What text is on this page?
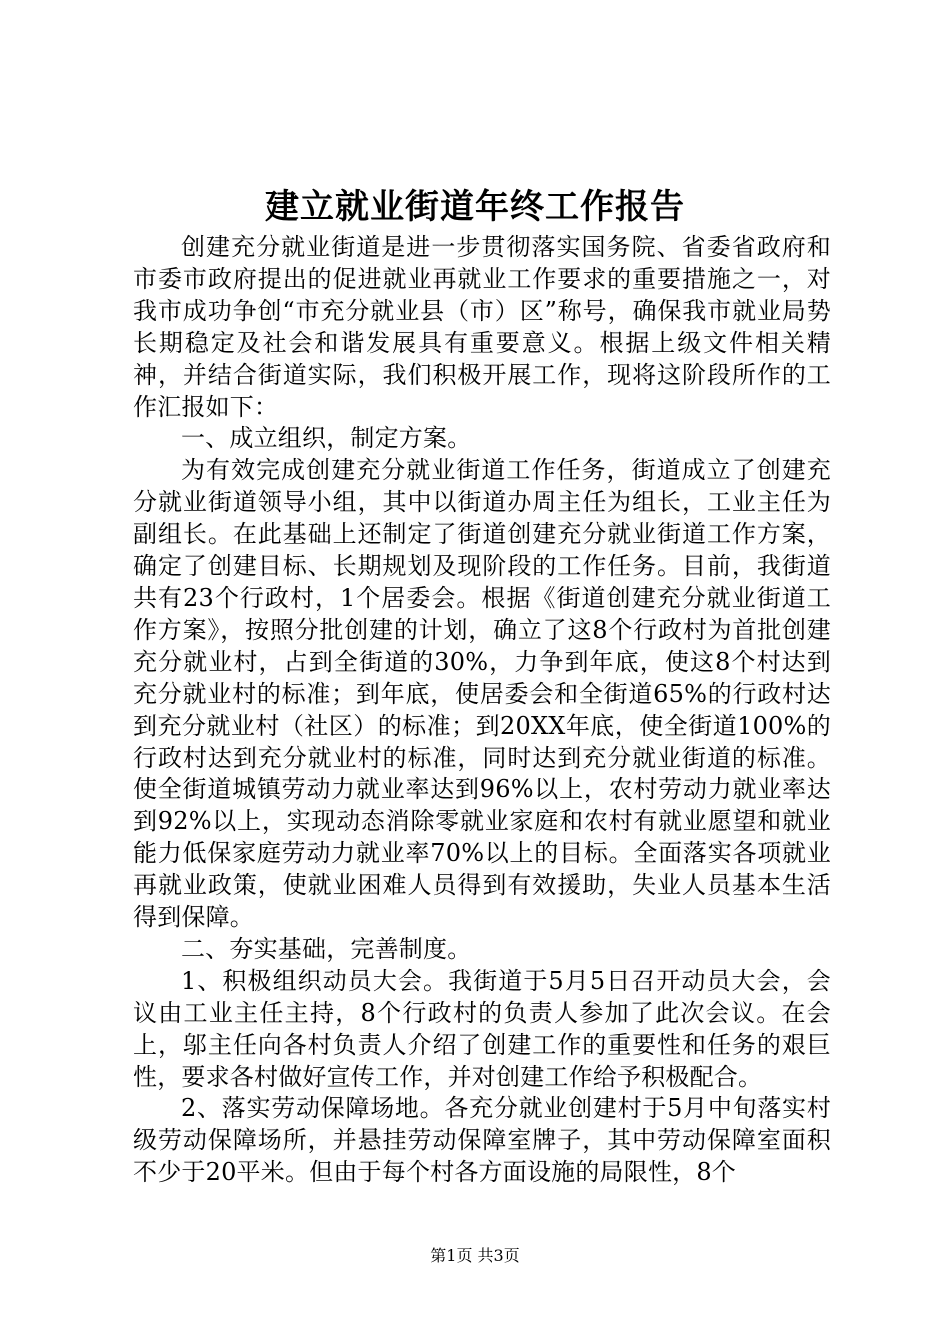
建立就业街道年终工作报告

创建充分就业街道是进一步贯彻落实国务院、省委省政府和市委市政府提出的促进就业再就业工作要求的重要措施之一，对我市成功争创“市充分就业县（市）区”称号，确保我市就业局势长期稳定及社会和谐发展具有重要意义。根据上级文件相关精神，并结合街道实际，我们积极开展工作，现将这阶段所作的工作汇报如下：

一、成立组织，制定方案。

为有效完成创建充分就业街道工作任务，街道成立了创建充分就业街道领导小组，其中以街道办周主任为组长，工业主任为副组长。在此基础上还制定了街道创建充分就业街道工作方案，确定了创建目标、长期规划及现阶段的工作任务。目前，我街道共有23个行政村，1个居委会。根据《街道创建充分就业街道工作方案》，按照分批创建的计划，确立了这8个行政村为首批创建充分就业村，占到全街道的30%，力争到年底，使这8个村达到充分就业村的标准；到年底，使居委会和全街道65%的行政村达到充分就业村（社区）的标准；到20XX年底，使全街道100%的行政村达到充分就业村的标准，同时达到充分就业街道的标准。使全街道城镇劳动力就业率达到96%以上，农村劳动力就业率达到92%以上，实现动态消除零就业家庭和农村有就业愿望和就业能力低保家庭劳动力就业率70%以上的目标。全面落实各项就业再就业政策，使就业困难人员得到有效援助，失业人员基本生活得到保障。

二、夯实基础，完善制度。

1、积极组织动员大会。我街道于5月5日召开动员大会，会议由工业主任主持，8个行政村的负责人参加了此次会议。在会上，邬主任向各村负责人介绍了创建工作的重要性和任务的艰巨性，要求各村做好宣传工作，并对创建工作给予积极配合。

2、落实劳动保障场地。各充分就业创建村于5月中旬落实村级劳动保障场所，并悬挂劳动保障室牌子，其中劳动保障室面积不少于20平米。但由于每个村各方面设施的局限性，8个

第1页 共3页
